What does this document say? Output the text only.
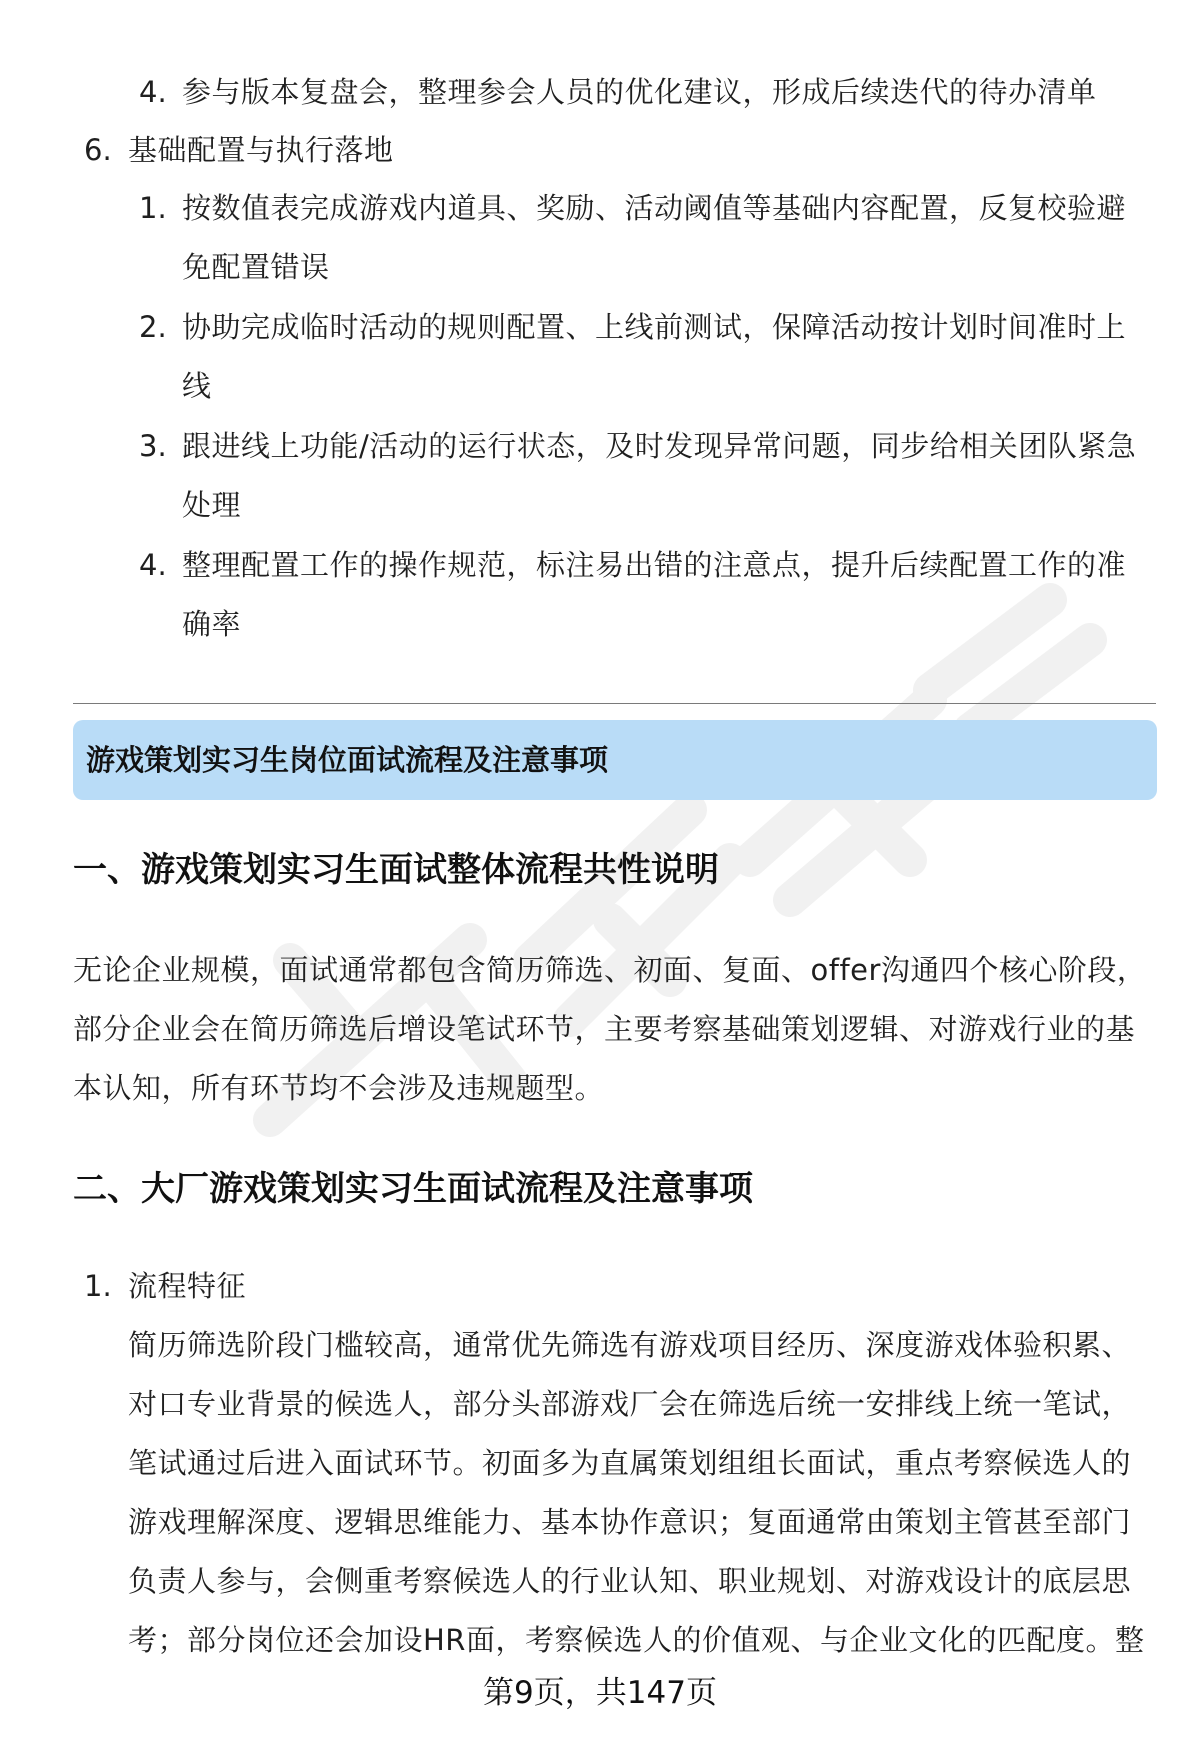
4. 参与版本复盘会，整理参会人员的优化建议，形成后续迭代的待办清单
6. 基础配置与执行落地
1. 按数值表完成游戏内道具、奖励、活动阈值等基础内容配置，反复校验避
免配置错误
2. 协助完成临时活动的规则配置、上线前测试，保障活动按计划时间准时上
线
3. 跟进线上功能/活动的运行状态，及时发现异常问题，同步给相关团队紧急
处理
4. 整理配置工作的操作规范，标注易出错的注意点，提升后续配置工作的准
确率
游戏策划实习生岗位面试流程及注意事项
一、游戏策划实习生面试整体流程共性说明
无论企业规模，面试通常都包含简历筛选、初面、复面、offer沟通四个核心阶段，
部分企业会在简历筛选后增设笔试环节，主要考察基础策划逻辑、对游戏行业的基
本认知，所有环节均不会涉及违规题型。
二、大厂游戏策划实习生面试流程及注意事项
1. 流程特征
简历筛选阶段门槛较高，通常优先筛选有游戏项目经历、深度游戏体验积累、
对口专业背景的候选人，部分头部游戏厂会在筛选后统一安排线上统一笔试，
笔试通过后进入面试环节。初面多为直属策划组组长面试，重点考察候选人的
游戏理解深度、逻辑思维能力、基本协作意识；复面通常由策划主管甚至部门
负责人参与，会侧重考察候选人的行业认知、职业规划、对游戏设计的底层思
考；部分岗位还会加设HR面，考察候选人的价值观、与企业文化的匹配度。整
第9页，共147页
